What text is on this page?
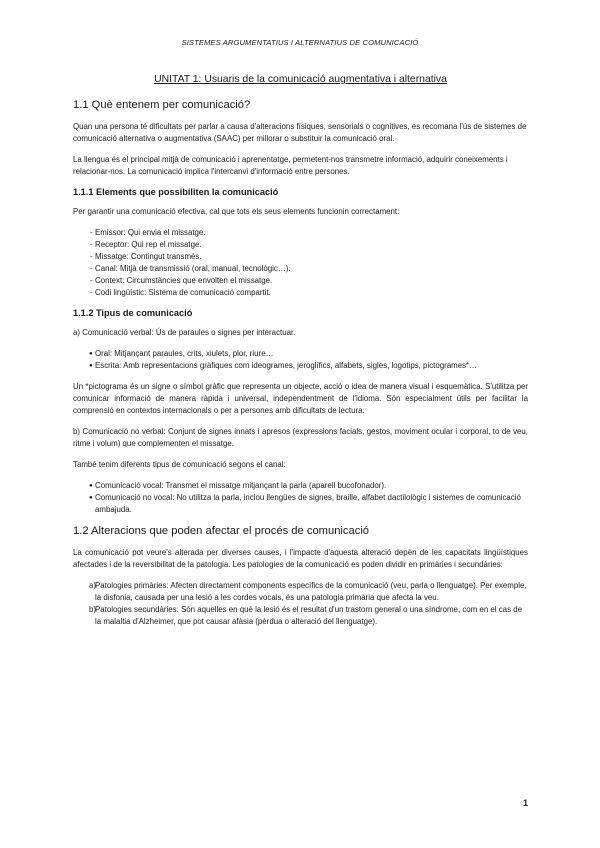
SISTEMES ARGUMENTATIUS I ALTERNATIUS DE COMUNICACIÓ
UNITAT 1: Usuaris de la comunicació augmentativa i alternativa
1.1 Què entenem per comunicació?

Quan una persona té dificultats per parlar a causa d'alteracions físiques, sensorials o cognitives, es recomana l'ús de sistemes de comunicació alternativa o augmentativa (SAAC) per millorar o substituir la comunicació oral.

La llengua és el principal mitjà de comunicació i aprenentatge, permetent-nos transmetre informació, adquirir coneixements i relacionar-nos. La comunicació implica l'intercanvi d'informació entre persones.

1.1.1 Elements que possibiliten la comunicació

Per garantir una comunicació efectiva, cal que tots els seus elements funcionin correctament:

- Emissor: Qui envia el missatge.
- Receptor: Qui rep el missatge.
- Missatge: Contingut transmès.
- Canal: Mitjà de transmissió (oral, manual, tecnològic…).
- Context: Circumstàncies que envolten el missatge.
- Codi lingüístic: Sistema de comunicació compartit.
1.1.2 Tipus de comunicació

a) Comunicació verbal: Ús de paraules o signes per interactuar.

● Oral: Mitjançant paraules, crits, xiulets, plor, riure…
● Escrita: Amb representacions gràfiques com ideogrames, jeroglífics, alfabets, sigles, logotips, pictogrames*…

Un *pictograma és un signe o símbol gràfic que representa un objecte, acció o idea de manera visual i esquemàtica. S'utilitza per comunicar informació de manera ràpida i universal, independentment de l'idioma. Són especialment útils per facilitar la comprensió en contextos internacionals o per a persones amb dificultats de lectura.

b) Comunicació no verbal: Conjunt de signes innats i apresos (expressions facials, gestos, moviment ocular i corporal, to de veu, ritme i volum) que complementen el missatge.

També tenim diferents tipus de comunicació segons el canal:

● Comunicació vocal: Transmet el missatge mitjançant la parla (aparell bucofonador).
● Comunicació no vocal: No utilitza la parla, inclou llengües de signes, braille, alfabet dactilològic i sistemes de comunicació ambajuda.
1.2 Alteracions que poden afectar el procés de comunicació

La comunicació pot veure's alterada per diverses causes, i l'impacte d'aquesta alteració depèn de les capacitats lingüístiques afectades i de la reversibilitat de la patologia. Les patologies de la comunicació es poden dividir en primàries i secundàries:

a)
Patologies primàries: Afecten directament components específics de la comunicació (veu, parla o llenguatge). Per exemple, la disfonia, causada per una lesió a les cordes vocals, és una patologia primària que afecta la veu.
b)
Patologies secundàries: Són aquelles en què la lesió és el resultat d'un trastorn general o una síndrome, com en el cas de la malaltia d'Alzheimer, que pot causar afàsia (pèrdua o alteració del llenguatge).
1
